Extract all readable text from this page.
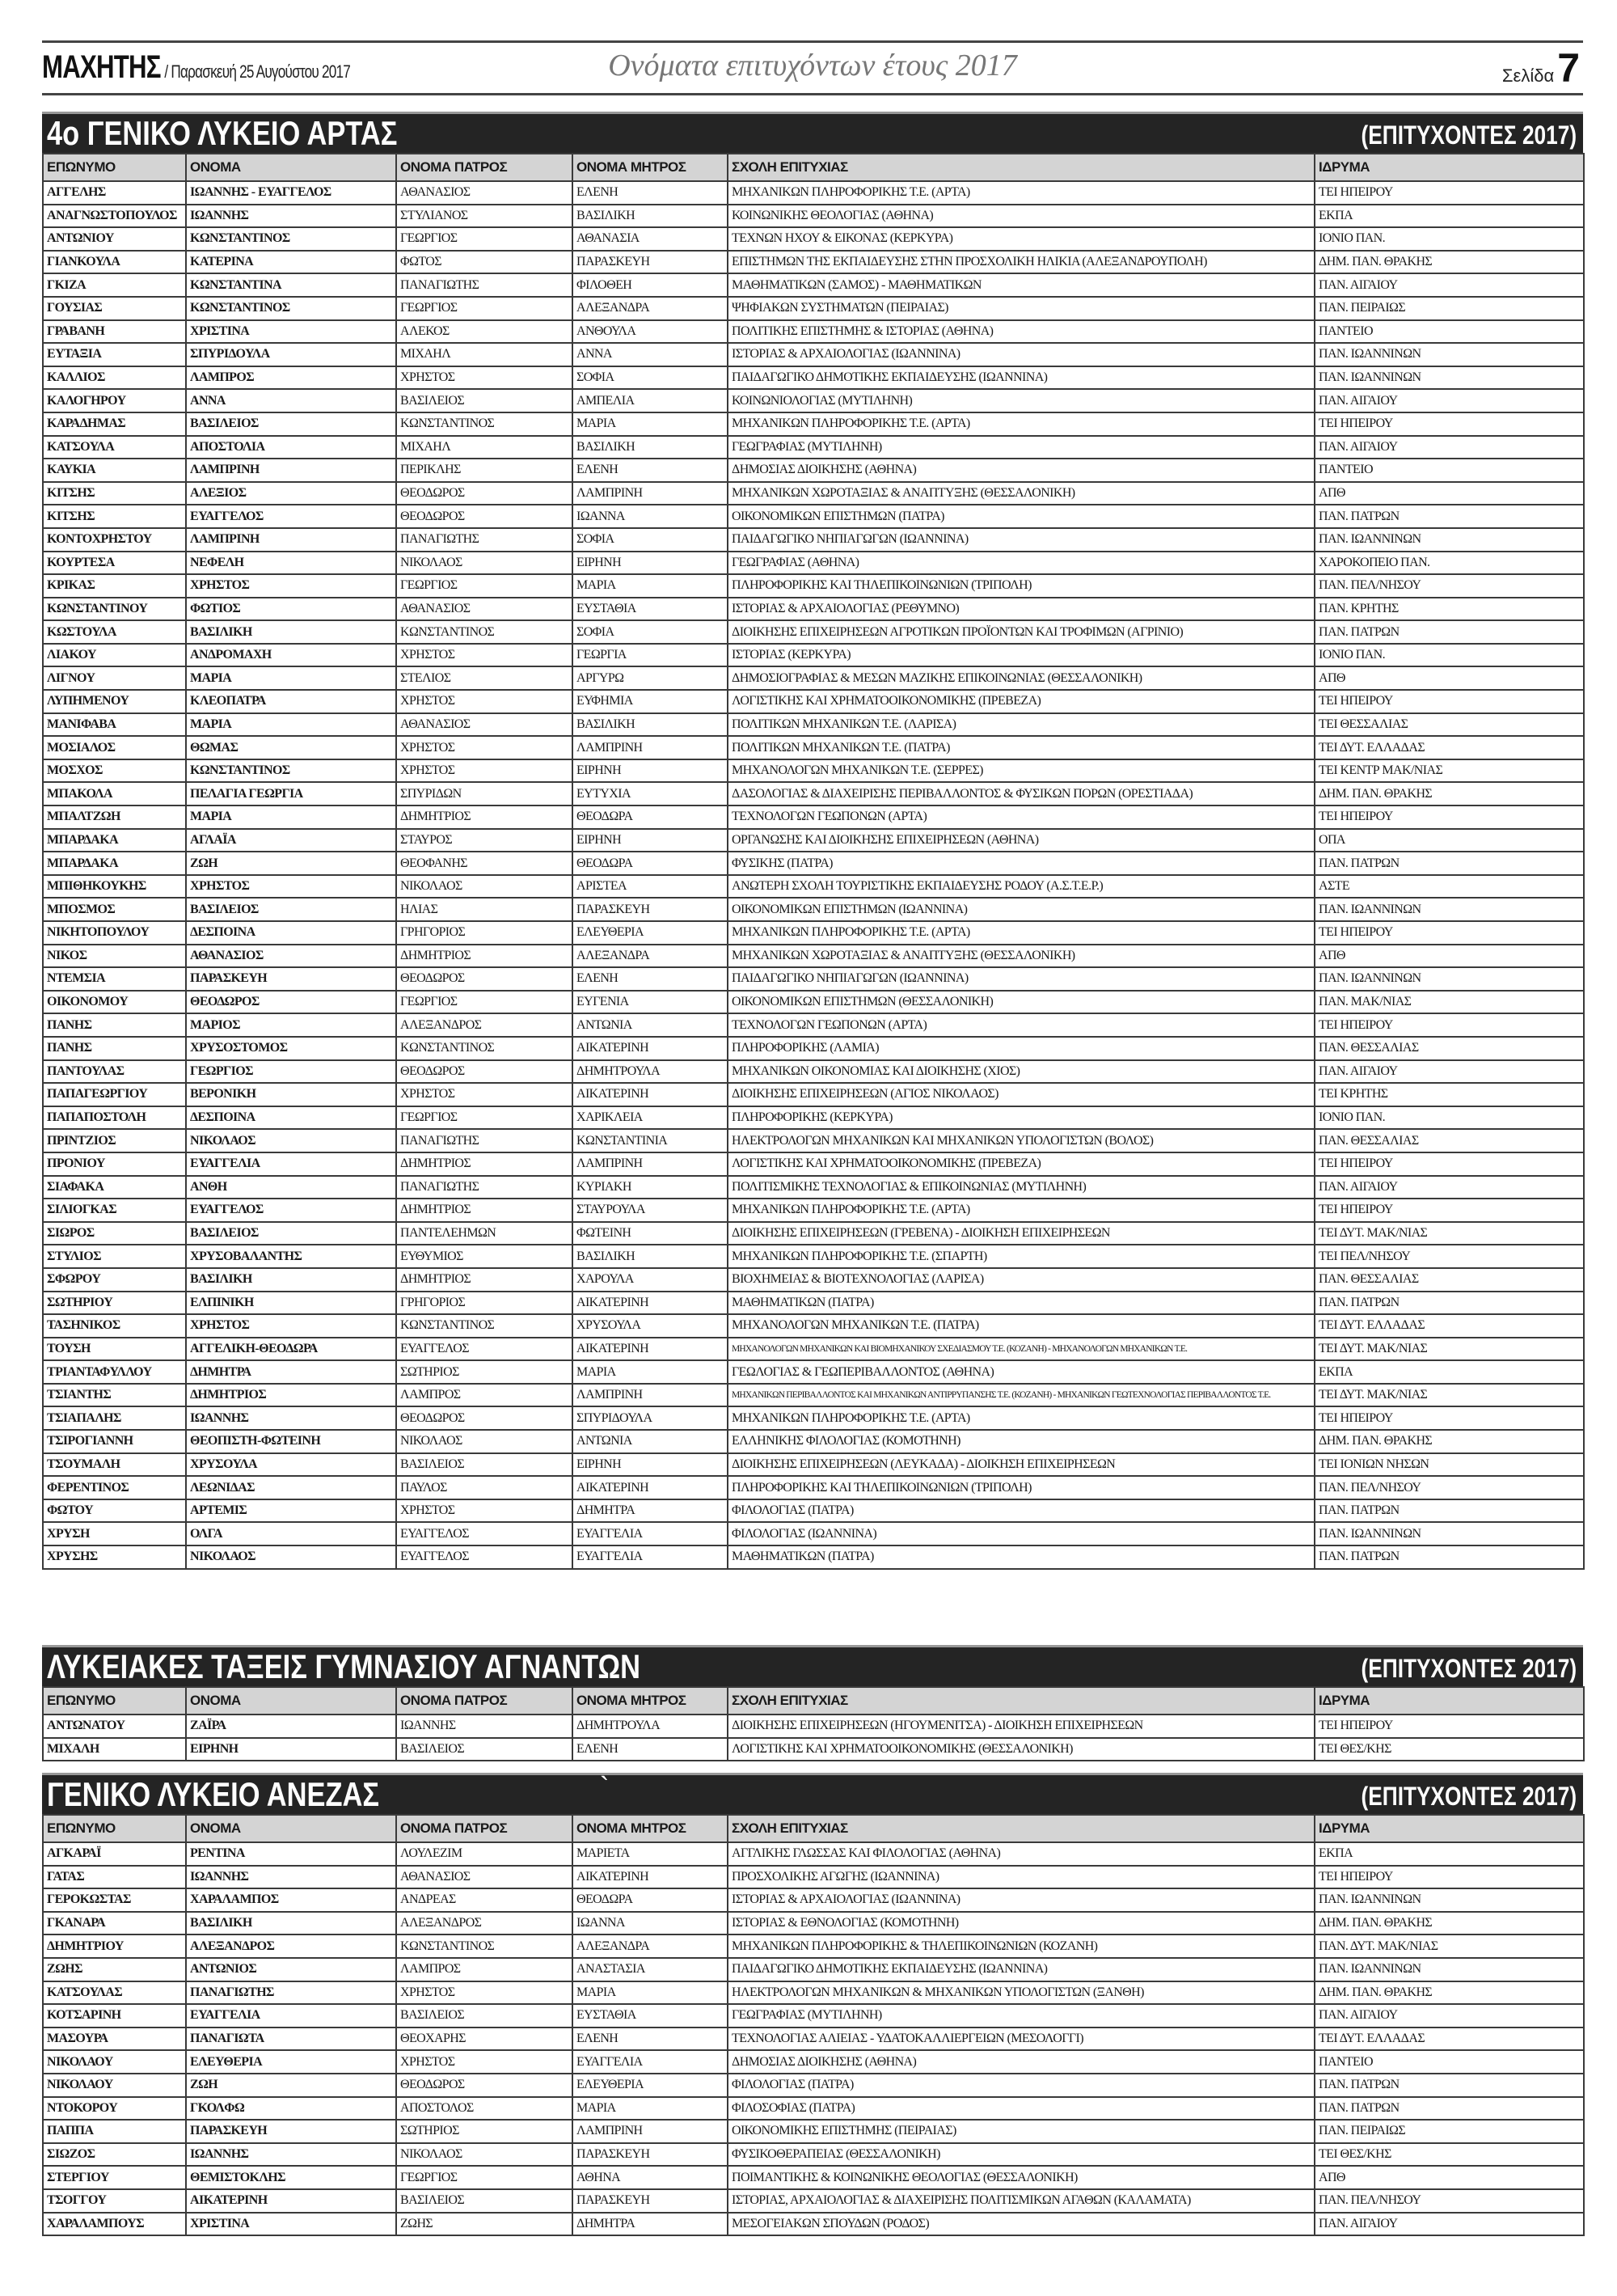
ΜΑΧΗΤΗΣ / Παρασκευή 25 Αυγούστου 2017	Ονόματα επιτυχόντων έτους 2017	Σελίδα7
4ο ΓΕΝΙΚΟ ΛΥΚΕΙΟ ΑΡΤΑΣ	(ΕΠΙΤΥΧΟΝΤΕΣ 2017)
ΕΠΩΝΥΜΟ	ΟΝΟΜΑ	ΟΝΟΜΑ ΠΑΤΡΟΣ	ΟΝΟΜΑ ΜΗΤΡΟΣ	ΣΧΟΛΗ ΕΠΙΤΥΧΙΑΣ	ΙΔΡΥΜΑ
ΑΓΓΕΛΗΣ	ΙΩΑΝΝΗΣ - ΕΥΑΓΓΕΛΟΣ	ΑΘΑΝΑΣΙΟΣ	ΕΛΕΝΗ	ΜΗΧΑΝΙΚΩΝ ΠΛΗΡΟΦΟΡΙΚΗΣ Τ.Ε. (ΑΡΤΑ)	ΤΕΙ ΗΠΕΙΡΟΥ
ΑΝΑΓΝΩΣΤΟΠΟΥΛΟΣ	ΙΩΑΝΝΗΣ	ΣΤΥΛΙΑΝΟΣ	ΒΑΣΙΛΙΚΗ	ΚΟΙΝΩΝΙΚΗΣ ΘΕΟΛΟΓΙΑΣ (ΑΘΗΝΑ)	ΕΚΠΑ
ΑΝΤΩΝΙΟΥ	ΚΩΝΣΤΑΝΤΙΝΟΣ	ΓΕΩΡΓΙΟΣ	ΑΘΑΝΑΣΙΑ	ΤΕΧΝΩΝ ΗΧΟΥ & ΕΙΚΟΝΑΣ (ΚΕΡΚΥΡΑ)	ΙΟΝΙΟ ΠΑΝ.
ΓΙΑΝΚΟΥΛΑ	ΚΑΤΕΡΙΝΑ	ΦΩΤΟΣ	ΠΑΡΑΣΚΕΥΗ	ΕΠΙΣΤΗΜΩΝ ΤΗΣ ΕΚΠΑΙΔΕΥΣΗΣ ΣΤΗΝ ΠΡΟΣΧΟΛΙΚΗ ΗΛΙΚΙΑ (ΑΛΕΞΑΝΔΡΟΥΠΟΛΗ)	ΔΗΜ. ΠΑΝ. ΘΡΑΚΗΣ
ΓΚΙΖΑ	ΚΩΝΣΤΑΝΤΙΝΑ	ΠΑΝΑΓΙΩΤΗΣ	ΦΙΛΟΘΕΗ	ΜΑΘΗΜΑΤΙΚΩΝ (ΣΑΜΟΣ) - ΜΑΘΗΜΑΤΙΚΩΝ	ΠΑΝ. ΑΙΓΑΙΟΥ
ΓΟΥΣΙΑΣ	ΚΩΝΣΤΑΝΤΙΝΟΣ	ΓΕΩΡΓΙΟΣ	ΑΛΕΞΑΝΔΡΑ	ΨΗΦΙΑΚΩΝ ΣΥΣΤΗΜΑΤΩΝ (ΠΕΙΡΑΙΑΣ)	ΠΑΝ. ΠΕΙΡΑΙΩΣ
ΓΡΑΒΑΝΗ	ΧΡΙΣΤΙΝΑ	ΑΛΕΚΟΣ	ΑΝΘΟΥΛΑ	ΠΟΛΙΤΙΚΗΣ ΕΠΙΣΤΗΜΗΣ & ΙΣΤΟΡΙΑΣ (ΑΘΗΝΑ)	ΠΑΝΤΕΙΟ
ΕΥΤΑΞΙΑ	ΣΠΥΡΙΔΟΥΛΑ	ΜΙΧΑΗΛ	ΑΝΝΑ	ΙΣΤΟΡΙΑΣ & ΑΡΧΑΙΟΛΟΓΙΑΣ (ΙΩΑΝΝΙΝΑ)	ΠΑΝ. ΙΩΑΝΝΙΝΩΝ
ΚΑΛΛΙΟΣ	ΛΑΜΠΡΟΣ	ΧΡΗΣΤΟΣ	ΣΟΦΙΑ	ΠΑΙΔΑΓΩΓΙΚΟ ΔΗΜΟΤΙΚΗΣ ΕΚΠΑΙΔΕΥΣΗΣ (ΙΩΑΝΝΙΝΑ)	ΠΑΝ. ΙΩΑΝΝΙΝΩΝ
ΚΑΛΟΓΗΡΟΥ	ΑΝΝΑ	ΒΑΣΙΛΕΙΟΣ	ΑΜΠΕΛΙΑ	ΚΟΙΝΩΝΙΟΛΟΓΙΑΣ (ΜΥΤΙΛΗΝΗ)	ΠΑΝ. ΑΙΓΑΙΟΥ
ΚΑΡΑΔΗΜΑΣ	ΒΑΣΙΛΕΙΟΣ	ΚΩΝΣΤΑΝΤΙΝΟΣ	ΜΑΡΙΑ	ΜΗΧΑΝΙΚΩΝ ΠΛΗΡΟΦΟΡΙΚΗΣ Τ.Ε. (ΑΡΤΑ)	ΤΕΙ ΗΠΕΙΡΟΥ
ΚΑΤΣΟΥΛΑ	ΑΠΟΣΤΟΛΙΑ	ΜΙΧΑΗΛ	ΒΑΣΙΛΙΚΗ	ΓΕΩΓΡΑΦΙΑΣ (ΜΥΤΙΛΗΝΗ)	ΠΑΝ. ΑΙΓΑΙΟΥ
ΚΑΥΚΙΑ	ΛΑΜΠΡΙΝΗ	ΠΕΡΙΚΛΗΣ	ΕΛΕΝΗ	ΔΗΜΟΣΙΑΣ ΔΙΟΙΚΗΣΗΣ (ΑΘΗΝΑ)	ΠΑΝΤΕΙΟ
ΚΙΤΣΗΣ	ΑΛΕΞΙΟΣ	ΘΕΟΔΩΡΟΣ	ΛΑΜΠΡΙΝΗ	ΜΗΧΑΝΙΚΩΝ ΧΩΡΟΤΑΞΙΑΣ & ΑΝΑΠΤΥΞΗΣ (ΘΕΣΣΑΛΟΝΙΚΗ)	ΑΠΘ
ΚΙΤΣΗΣ	ΕΥΑΓΓΕΛΟΣ	ΘΕΟΔΩΡΟΣ	ΙΩΑΝΝΑ	ΟΙΚΟΝΟΜΙΚΩΝ ΕΠΙΣΤΗΜΩΝ (ΠΑΤΡΑ)	ΠΑΝ. ΠΑΤΡΩΝ
ΚΟΝΤΟΧΡΗΣΤΟΥ	ΛΑΜΠΡΙΝΗ	ΠΑΝΑΓΙΩΤΗΣ	ΣΟΦΙΑ	ΠΑΙΔΑΓΩΓΙΚΟ ΝΗΠΙΑΓΩΓΩΝ (ΙΩΑΝΝΙΝΑ)	ΠΑΝ. ΙΩΑΝΝΙΝΩΝ
ΚΟΥΡΤΕΣΑ	ΝΕΦΕΛΗ	ΝΙΚΟΛΑΟΣ	ΕΙΡΗΝΗ	ΓΕΩΓΡΑΦΙΑΣ (ΑΘΗΝΑ)	ΧΑΡΟΚΟΠΕΙΟ ΠΑΝ.
ΚΡΙΚΑΣ	ΧΡΗΣΤΟΣ	ΓΕΩΡΓΙΟΣ	ΜΑΡΙΑ	ΠΛΗΡΟΦΟΡΙΚΗΣ ΚΑΙ ΤΗΛΕΠΙΚΟΙΝΩΝΙΩΝ (ΤΡΙΠΟΛΗ)	ΠΑΝ. ΠΕΛ/ΝΗΣΟΥ
ΚΩΝΣΤΑΝΤΙΝΟΥ	ΦΩΤΙΟΣ	ΑΘΑΝΑΣΙΟΣ	ΕΥΣΤΑΘΙΑ	ΙΣΤΟΡΙΑΣ & ΑΡΧΑΙΟΛΟΓΙΑΣ (ΡΕΘΥΜΝΟ)	ΠΑΝ. ΚΡΗΤΗΣ
ΚΩΣΤΟΥΛΑ	ΒΑΣΙΛΙΚΗ	ΚΩΝΣΤΑΝΤΙΝΟΣ	ΣΟΦΙΑ	ΔΙΟΙΚΗΣΗΣ ΕΠΙΧΕΙΡΗΣΕΩΝ ΑΓΡΟΤΙΚΩΝ ΠΡΟΪΟΝΤΩΝ ΚΑΙ ΤΡΟΦΙΜΩΝ (ΑΓΡΙΝΙΟ)	ΠΑΝ. ΠΑΤΡΩΝ
ΛΙΑΚΟΥ	ΑΝΔΡΟΜΑΧΗ	ΧΡΗΣΤΟΣ	ΓΕΩΡΓΙΑ	ΙΣΤΟΡΙΑΣ (ΚΕΡΚΥΡΑ)	ΙΟΝΙΟ ΠΑΝ.
ΛΙΓΝΟΥ	ΜΑΡΙΑ	ΣΤΕΛΙΟΣ	ΑΡΓΥΡΩ	ΔΗΜΟΣΙΟΓΡΑΦΙΑΣ & ΜΕΣΩΝ ΜΑΖΙΚΗΣ ΕΠΙΚΟΙΝΩΝΙΑΣ (ΘΕΣΣΑΛΟΝΙΚΗ)	ΑΠΘ
ΛΥΠΗΜΕΝΟΥ	ΚΛΕΟΠΑΤΡΑ	ΧΡΗΣΤΟΣ	ΕΥΦΗΜΙΑ	ΛΟΓΙΣΤΙΚΗΣ ΚΑΙ ΧΡΗΜΑΤΟΟΙΚΟΝΟΜΙΚΗΣ (ΠΡΕΒΕΖΑ)	ΤΕΙ ΗΠΕΙΡΟΥ
ΜΑΝΙΦΑΒΑ	ΜΑΡΙΑ	ΑΘΑΝΑΣΙΟΣ	ΒΑΣΙΛΙΚΗ	ΠΟΛΙΤΙΚΩΝ ΜΗΧΑΝΙΚΩΝ Τ.Ε. (ΛΑΡΙΣΑ)	ΤΕΙ ΘΕΣΣΑΛΙΑΣ
ΜΟΣΙΑΛΟΣ	ΘΩΜΑΣ	ΧΡΗΣΤΟΣ	ΛΑΜΠΡΙΝΗ	ΠΟΛΙΤΙΚΩΝ ΜΗΧΑΝΙΚΩΝ Τ.Ε. (ΠΑΤΡΑ)	ΤΕΙ ΔΥΤ. ΕΛΛΑΔΑΣ
ΜΟΣΧΟΣ	ΚΩΝΣΤΑΝΤΙΝΟΣ	ΧΡΗΣΤΟΣ	ΕΙΡΗΝΗ	ΜΗΧΑΝΟΛΟΓΩΝ ΜΗΧΑΝΙΚΩΝ Τ.Ε. (ΣΕΡΡΕΣ)	ΤΕΙ ΚΕΝΤΡ ΜΑΚ/ΝΙΑΣ
ΜΠΑΚΟΛΑ	ΠΕΛΑΓΙΑ ΓΕΩΡΓΙΑ	ΣΠΥΡΙΔΩΝ	ΕΥΤΥΧΙΑ	ΔΑΣΟΛΟΓΙΑΣ & ΔΙΑΧΕΙΡΙΣΗΣ ΠΕΡΙΒΑΛΛΟΝΤΟΣ & ΦΥΣΙΚΩΝ ΠΟΡΩΝ (ΟΡΕΣΤΙΑΔΑ)	ΔΗΜ. ΠΑΝ. ΘΡΑΚΗΣ
ΜΠΑΛΤΖΩΗ	ΜΑΡΙΑ	ΔΗΜΗΤΡΙΟΣ	ΘΕΟΔΩΡΑ	ΤΕΧΝΟΛΟΓΩΝ ΓΕΩΠΟΝΩΝ (ΑΡΤΑ)	ΤΕΙ ΗΠΕΙΡΟΥ
ΜΠΑΡΔΑΚΑ	ΑΓΛΑΪΑ	ΣΤΑΥΡΟΣ	ΕΙΡΗΝΗ	ΟΡΓΑΝΩΣΗΣ ΚΑΙ ΔΙΟΙΚΗΣΗΣ ΕΠΙΧΕΙΡΗΣΕΩΝ (ΑΘΗΝΑ)	ΟΠΑ
ΜΠΑΡΔΑΚΑ	ΖΩΗ	ΘΕΟΦΑΝΗΣ	ΘΕΟΔΩΡΑ	ΦΥΣΙΚΗΣ (ΠΑΤΡΑ)	ΠΑΝ. ΠΑΤΡΩΝ
ΜΠΙΘΗΚΟΥΚΗΣ	ΧΡΗΣΤΟΣ	ΝΙΚΟΛΑΟΣ	ΑΡΙΣΤΕΑ	ΑΝΩΤΕΡΗ ΣΧΟΛΗ ΤΟΥΡΙΣΤΙΚΗΣ ΕΚΠΑΙΔΕΥΣΗΣ ΡΟΔΟΥ (Α.Σ.Τ.Ε.Ρ.)	ΑΣΤΕ
ΜΠΟΣΜΟΣ	ΒΑΣΙΛΕΙΟΣ	ΗΛΙΑΣ	ΠΑΡΑΣΚΕΥΗ	ΟΙΚΟΝΟΜΙΚΩΝ ΕΠΙΣΤΗΜΩΝ (ΙΩΑΝΝΙΝΑ)	ΠΑΝ. ΙΩΑΝΝΙΝΩΝ
ΝΙΚΗΤΟΠΟΥΛΟΥ	ΔΕΣΠΟΙΝΑ	ΓΡΗΓΟΡΙΟΣ	ΕΛΕΥΘΕΡΙΑ	ΜΗΧΑΝΙΚΩΝ ΠΛΗΡΟΦΟΡΙΚΗΣ Τ.Ε. (ΑΡΤΑ)	ΤΕΙ ΗΠΕΙΡΟΥ
ΝΙΚΟΣ	ΑΘΑΝΑΣΙΟΣ	ΔΗΜΗΤΡΙΟΣ	ΑΛΕΞΑΝΔΡΑ	ΜΗΧΑΝΙΚΩΝ ΧΩΡΟΤΑΞΙΑΣ & ΑΝΑΠΤΥΞΗΣ (ΘΕΣΣΑΛΟΝΙΚΗ)	ΑΠΘ
ΝΤΕΜΣΙΑ	ΠΑΡΑΣΚΕΥΗ	ΘΕΟΔΩΡΟΣ	ΕΛΕΝΗ	ΠΑΙΔΑΓΩΓΙΚΟ ΝΗΠΙΑΓΩΓΩΝ (ΙΩΑΝΝΙΝΑ)	ΠΑΝ. ΙΩΑΝΝΙΝΩΝ
ΟΙΚΟΝΟΜΟΥ	ΘΕΟΔΩΡΟΣ	ΓΕΩΡΓΙΟΣ	ΕΥΓΕΝΙΑ	ΟΙΚΟΝΟΜΙΚΩΝ ΕΠΙΣΤΗΜΩΝ (ΘΕΣΣΑΛΟΝΙΚΗ)	ΠΑΝ. ΜΑΚ/ΝΙΑΣ
ΠΑΝΗΣ	ΜΑΡΙΟΣ	ΑΛΕΞΑΝΔΡΟΣ	ΑΝΤΩΝΙΑ	ΤΕΧΝΟΛΟΓΩΝ ΓΕΩΠΟΝΩΝ (ΑΡΤΑ)	ΤΕΙ ΗΠΕΙΡΟΥ
ΠΑΝΗΣ	ΧΡΥΣΟΣΤΟΜΟΣ	ΚΩΝΣΤΑΝΤΙΝΟΣ	ΑΙΚΑΤΕΡΙΝΗ	ΠΛΗΡΟΦΟΡΙΚΗΣ (ΛΑΜΙΑ)	ΠΑΝ. ΘΕΣΣΑΛΙΑΣ
ΠΑΝΤΟΥΛΑΣ	ΓΕΩΡΓΙΟΣ	ΘΕΟΔΩΡΟΣ	ΔΗΜΗΤΡΟΥΛΑ	ΜΗΧΑΝΙΚΩΝ ΟΙΚΟΝΟΜΙΑΣ ΚΑΙ ΔΙΟΙΚΗΣΗΣ (ΧΙΟΣ)	ΠΑΝ. ΑΙΓΑΙΟΥ
ΠΑΠΑΓΕΩΡΓΙΟΥ	ΒΕΡΟΝΙΚΗ	ΧΡΗΣΤΟΣ	ΑΙΚΑΤΕΡΙΝΗ	ΔΙΟΙΚΗΣΗΣ ΕΠΙΧΕΙΡΗΣΕΩΝ (ΑΓΙΟΣ ΝΙΚΟΛΑΟΣ)	ΤΕΙ ΚΡΗΤΗΣ
ΠΑΠΑΠΟΣΤΟΛΗ	ΔΕΣΠΟΙΝΑ	ΓΕΩΡΓΙΟΣ	ΧΑΡΙΚΛΕΙΑ	ΠΛΗΡΟΦΟΡΙΚΗΣ (ΚΕΡΚΥΡΑ)	ΙΟΝΙΟ ΠΑΝ.
ΠΡΙΝΤΖΙΟΣ	ΝΙΚΟΛΑΟΣ	ΠΑΝΑΓΙΩΤΗΣ	ΚΩΝΣΤΑΝΤΙΝΙΑ	ΗΛΕΚΤΡΟΛΟΓΩΝ ΜΗΧΑΝΙΚΩΝ ΚΑΙ ΜΗΧΑΝΙΚΩΝ ΥΠΟΛΟΓΙΣΤΩΝ (ΒΟΛΟΣ)	ΠΑΝ. ΘΕΣΣΑΛΙΑΣ
ΠΡΟΝΙΟΥ	ΕΥΑΓΓΕΛΙΑ	ΔΗΜΗΤΡΙΟΣ	ΛΑΜΠΡΙΝΗ	ΛΟΓΙΣΤΙΚΗΣ ΚΑΙ ΧΡΗΜΑΤΟΟΙΚΟΝΟΜΙΚΗΣ (ΠΡΕΒΕΖΑ)	ΤΕΙ ΗΠΕΙΡΟΥ
ΣΙΑΦΑΚΑ	ΑΝΘΗ	ΠΑΝΑΓΙΩΤΗΣ	ΚΥΡΙΑΚΗ	ΠΟΛΙΤΙΣΜΙΚΗΣ ΤΕΧΝΟΛΟΓΙΑΣ & ΕΠΙΚΟΙΝΩΝΙΑΣ (ΜΥΤΙΛΗΝΗ)	ΠΑΝ. ΑΙΓΑΙΟΥ
ΣΙΛΙΟΓΚΑΣ	ΕΥΑΓΓΕΛΟΣ	ΔΗΜΗΤΡΙΟΣ	ΣΤΑΥΡΟΥΛΑ	ΜΗΧΑΝΙΚΩΝ ΠΛΗΡΟΦΟΡΙΚΗΣ Τ.Ε. (ΑΡΤΑ)	ΤΕΙ ΗΠΕΙΡΟΥ
ΣΙΩΡΟΣ	ΒΑΣΙΛΕΙΟΣ	ΠΑΝΤΕΛΕΗΜΩΝ	ΦΩΤΕΙΝΗ	ΔΙΟΙΚΗΣΗΣ ΕΠΙΧΕΙΡΗΣΕΩΝ (ΓΡΕΒΕΝΑ) - ΔΙΟΙΚΗΣΗ ΕΠΙΧΕΙΡΗΣΕΩΝ	ΤΕΙ ΔΥΤ. ΜΑΚ/ΝΙΑΣ
ΣΤΥΛΙΟΣ	ΧΡΥΣΟΒΑΛΑΝΤΗΣ	ΕΥΘΥΜΙΟΣ	ΒΑΣΙΛΙΚΗ	ΜΗΧΑΝΙΚΩΝ ΠΛΗΡΟΦΟΡΙΚΗΣ Τ.Ε. (ΣΠΑΡΤΗ)	ΤΕΙ ΠΕΛ/ΝΗΣΟΥ
ΣΦΩΡΟΥ	ΒΑΣΙΛΙΚΗ	ΔΗΜΗΤΡΙΟΣ	ΧΑΡΟΥΛΑ	ΒΙΟΧΗΜΕΙΑΣ & ΒΙΟΤΕΧΝΟΛΟΓΙΑΣ (ΛΑΡΙΣΑ)	ΠΑΝ. ΘΕΣΣΑΛΙΑΣ
ΣΩΤΗΡΙΟΥ	ΕΛΠΙΝΙΚΗ	ΓΡΗΓΟΡΙΟΣ	ΑΙΚΑΤΕΡΙΝΗ	ΜΑΘΗΜΑΤΙΚΩΝ (ΠΑΤΡΑ)	ΠΑΝ. ΠΑΤΡΩΝ
ΤΑΣΗΝΙΚΟΣ	ΧΡΗΣΤΟΣ	ΚΩΝΣΤΑΝΤΙΝΟΣ	ΧΡΥΣΟΥΛΑ	ΜΗΧΑΝΟΛΟΓΩΝ ΜΗΧΑΝΙΚΩΝ Τ.Ε. (ΠΑΤΡΑ)	ΤΕΙ ΔΥΤ. ΕΛΛΑΔΑΣ
ΤΟΥΣΗ	ΑΓΓΕΛΙΚΗ-ΘΕΟΔΩΡΑ	ΕΥΑΓΓΕΛΟΣ	ΑΙΚΑΤΕΡΙΝΗ	ΜΗΧΑΝΟΛΟΓΩΝ ΜΗΧΑΝΙΚΩΝ ΚΑΙ ΒΙΟΜΗΧΑΝΙΚΟΥ ΣΧΕΔΙΑΣΜΟΥ Τ.Ε. (ΚΟΖΑΝΗ) - ΜΗΧΑΝΟΛΟΓΩΝ ΜΗΧΑΝΙΚΩΝ Τ.Ε.	ΤΕΙ ΔΥΤ. ΜΑΚ/ΝΙΑΣ
ΤΡΙΑΝΤΑΦΥΛΛΟΥ	ΔΗΜΗΤΡΑ	ΣΩΤΗΡΙΟΣ	ΜΑΡΙΑ	ΓΕΩΛΟΓΙΑΣ & ΓΕΩΠΕΡΙΒΑΛΛΟΝΤΟΣ (ΑΘΗΝΑ)	ΕΚΠΑ
ΤΣΙΑΝΤΗΣ	ΔΗΜΗΤΡΙΟΣ	ΛΑΜΠΡΟΣ	ΛΑΜΠΡΙΝΗ	ΜΗΧΑΝΙΚΩΝ ΠΕΡΙΒΑΛΛΟΝΤΟΣ ΚΑΙ ΜΗΧΑΝΙΚΩΝ ΑΝΤΙΡΡΥΠΑΝΣΗΣ Τ.Ε. (ΚΟΖΑΝΗ) - ΜΗΧΑΝΙΚΩΝ ΓΕΩΤΕΧΝΟΛΟΓΙΑΣ ΠΕΡΙΒΑΛΛΟΝΤΟΣ Τ.Ε.	ΤΕΙ ΔΥΤ. ΜΑΚ/ΝΙΑΣ
ΤΣΙΑΠΑΛΗΣ	ΙΩΑΝΝΗΣ	ΘΕΟΔΩΡΟΣ	ΣΠΥΡΙΔΟΥΛΑ	ΜΗΧΑΝΙΚΩΝ ΠΛΗΡΟΦΟΡΙΚΗΣ Τ.Ε. (ΑΡΤΑ)	ΤΕΙ ΗΠΕΙΡΟΥ
ΤΣΙΡΟΓΙΑΝΝΗ	ΘΕΟΠΙΣΤΗ-ΦΩΤΕΙΝΗ	ΝΙΚΟΛΑΟΣ	ΑΝΤΩΝΙΑ	ΕΛΛΗΝΙΚΗΣ ΦΙΛΟΛΟΓΙΑΣ (ΚΟΜΟΤΗΝΗ)	ΔΗΜ. ΠΑΝ. ΘΡΑΚΗΣ
ΤΣΟΥΜΑΛΗ	ΧΡΥΣΟΥΛΑ	ΒΑΣΙΛΕΙΟΣ	ΕΙΡΗΝΗ	ΔΙΟΙΚΗΣΗΣ ΕΠΙΧΕΙΡΗΣΕΩΝ (ΛΕΥΚΑΔΑ) - ΔΙΟΙΚΗΣΗ ΕΠΙΧΕΙΡΗΣΕΩΝ	ΤΕΙ ΙΟΝΙΩΝ ΝΗΣΩΝ
ΦΕΡΕΝΤΙΝΟΣ	ΛΕΩΝΙΔΑΣ	ΠΑΥΛΟΣ	ΑΙΚΑΤΕΡΙΝΗ	ΠΛΗΡΟΦΟΡΙΚΗΣ ΚΑΙ ΤΗΛΕΠΙΚΟΙΝΩΝΙΩΝ (ΤΡΙΠΟΛΗ)	ΠΑΝ. ΠΕΛ/ΝΗΣΟΥ
ΦΩΤΟΥ	ΑΡΤΕΜΙΣ	ΧΡΗΣΤΟΣ	ΔΗΜΗΤΡΑ	ΦΙΛΟΛΟΓΙΑΣ (ΠΑΤΡΑ)	ΠΑΝ. ΠΑΤΡΩΝ
ΧΡΥΣΗ	ΟΛΓΑ	ΕΥΑΓΓΕΛΟΣ	ΕΥΑΓΓΕΛΙΑ	ΦΙΛΟΛΟΓΙΑΣ (ΙΩΑΝΝΙΝΑ)	ΠΑΝ. ΙΩΑΝΝΙΝΩΝ
ΧΡΥΣΗΣ	ΝΙΚΟΛΑΟΣ	ΕΥΑΓΓΕΛΟΣ	ΕΥΑΓΓΕΛΙΑ	ΜΑΘΗΜΑΤΙΚΩΝ (ΠΑΤΡΑ)	ΠΑΝ. ΠΑΤΡΩΝ
ΛΥΚΕΙΑΚΕΣ ΤΑΞΕΙΣ ΓΥΜΝΑΣΙΟΥ ΑΓΝΑΝΤΩΝ	(ΕΠΙΤΥΧΟΝΤΕΣ 2017)
ΕΠΩΝΥΜΟ	ΟΝΟΜΑ	ΟΝΟΜΑ ΠΑΤΡΟΣ	ΟΝΟΜΑ ΜΗΤΡΟΣ	ΣΧΟΛΗ ΕΠΙΤΥΧΙΑΣ	ΙΔΡΥΜΑ
ΑΝΤΩΝΑΤΟΥ	ΖΑΪΡΑ	ΙΩΑΝΝΗΣ	ΔΗΜΗΤΡΟΥΛΑ	ΔΙΟΙΚΗΣΗΣ ΕΠΙΧΕΙΡΗΣΕΩΝ (ΗΓΟΥΜΕΝΙΤΣΑ) - ΔΙΟΙΚΗΣΗ ΕΠΙΧΕΙΡΗΣΕΩΝ	ΤΕΙ ΗΠΕΙΡΟΥ
ΜΙΧΑΛΗ	ΕΙΡΗΝΗ	ΒΑΣΙΛΕΙΟΣ	ΕΛΕΝΗ	ΛΟΓΙΣΤΙΚΗΣ ΚΑΙ ΧΡΗΜΑΤΟΟΙΚΟΝΟΜΙΚΗΣ (ΘΕΣΣΑΛΟΝΙΚΗ)	ΤΕΙ ΘΕΣ/ΚΗΣ
ΓΕΝΙΚΟ ΛΥΚΕΙΟ ΑΝΕΖΑΣ	`	(ΕΠΙΤΥΧΟΝΤΕΣ 2017)
ΕΠΩΝΥΜΟ	ΟΝΟΜΑ	ΟΝΟΜΑ ΠΑΤΡΟΣ	ΟΝΟΜΑ ΜΗΤΡΟΣ	ΣΧΟΛΗ ΕΠΙΤΥΧΙΑΣ	ΙΔΡΥΜΑ
ΑΓΚΑΡΑΪ	ΡΕΝΤΙΝΑ	ΛΟΥΛΕΖΙΜ	ΜΑΡΙΕΤΑ	ΑΓΓΛΙΚΗΣ ΓΛΩΣΣΑΣ ΚΑΙ ΦΙΛΟΛΟΓΙΑΣ (ΑΘΗΝΑ)	ΕΚΠΑ
ΓΑΤΑΣ	ΙΩΑΝΝΗΣ	ΑΘΑΝΑΣΙΟΣ	ΑΙΚΑΤΕΡΙΝΗ	ΠΡΟΣΧΟΛΙΚΗΣ ΑΓΩΓΗΣ (ΙΩΑΝΝΙΝΑ)	ΤΕΙ ΗΠΕΙΡΟΥ
ΓΕΡΟΚΩΣΤΑΣ	ΧΑΡΑΛΑΜΠΟΣ	ΑΝΔΡΕΑΣ	ΘΕΟΔΩΡΑ	ΙΣΤΟΡΙΑΣ & ΑΡΧΑΙΟΛΟΓΙΑΣ (ΙΩΑΝΝΙΝΑ)	ΠΑΝ. ΙΩΑΝΝΙΝΩΝ
ΓΚΑΝΑΡΑ	ΒΑΣΙΛΙΚΗ	ΑΛΕΞΑΝΔΡΟΣ	ΙΩΑΝΝΑ	ΙΣΤΟΡΙΑΣ & ΕΘΝΟΛΟΓΙΑΣ (ΚΟΜΟΤΗΝΗ)	ΔΗΜ. ΠΑΝ. ΘΡΑΚΗΣ
ΔΗΜΗΤΡΙΟΥ	ΑΛΕΞΑΝΔΡΟΣ	ΚΩΝΣΤΑΝΤΙΝΟΣ	ΑΛΕΞΑΝΔΡΑ	ΜΗΧΑΝΙΚΩΝ ΠΛΗΡΟΦΟΡΙΚΗΣ & ΤΗΛΕΠΙΚΟΙΝΩΝΙΩΝ (ΚΟΖΑΝΗ)	ΠΑΝ. ΔΥΤ. ΜΑΚ/ΝΙΑΣ
ΖΩΗΣ	ΑΝΤΩΝΙΟΣ	ΛΑΜΠΡΟΣ	ΑΝΑΣΤΑΣΙΑ	ΠΑΙΔΑΓΩΓΙΚΟ ΔΗΜΟΤΙΚΗΣ ΕΚΠΑΙΔΕΥΣΗΣ (ΙΩΑΝΝΙΝΑ)	ΠΑΝ. ΙΩΑΝΝΙΝΩΝ
ΚΑΤΣΟΥΛΑΣ	ΠΑΝΑΓΙΩΤΗΣ	ΧΡΗΣΤΟΣ	ΜΑΡΙΑ	ΗΛΕΚΤΡΟΛΟΓΩΝ ΜΗΧΑΝΙΚΩΝ & ΜΗΧΑΝΙΚΩΝ ΥΠΟΛΟΓΙΣΤΩΝ (ΞΑΝΘΗ)	ΔΗΜ. ΠΑΝ. ΘΡΑΚΗΣ
ΚΟΤΣΑΡΙΝΗ	ΕΥΑΓΓΕΛΙΑ	ΒΑΣΙΛΕΙΟΣ	ΕΥΣΤΑΘΙΑ	ΓΕΩΓΡΑΦΙΑΣ (ΜΥΤΙΛΗΝΗ)	ΠΑΝ. ΑΙΓΑΙΟΥ
ΜΑΣΟΥΡΑ	ΠΑΝΑΓΙΩΤΑ	ΘΕΟΧΑΡΗΣ	ΕΛΕΝΗ	ΤΕΧΝΟΛΟΓΙΑΣ ΑΛΙΕΙΑΣ - ΥΔΑΤΟΚΑΛΛΙΕΡΓΕΙΩΝ (ΜΕΣΟΛΟΓΓΙ)	ΤΕΙ ΔΥΤ. ΕΛΛΑΔΑΣ
ΝΙΚΟΛΑΟΥ	ΕΛΕΥΘΕΡΙΑ	ΧΡΗΣΤΟΣ	ΕΥΑΓΓΕΛΙΑ	ΔΗΜΟΣΙΑΣ ΔΙΟΙΚΗΣΗΣ (ΑΘΗΝΑ)	ΠΑΝΤΕΙΟ
ΝΙΚΟΛΑΟΥ	ΖΩΗ	ΘΕΟΔΩΡΟΣ	ΕΛΕΥΘΕΡΙΑ	ΦΙΛΟΛΟΓΙΑΣ (ΠΑΤΡΑ)	ΠΑΝ. ΠΑΤΡΩΝ
ΝΤΟΚΟΡΟΥ	ΓΚΟΛΦΩ	ΑΠΟΣΤΟΛΟΣ	ΜΑΡΙΑ	ΦΙΛΟΣΟΦΙΑΣ (ΠΑΤΡΑ)	ΠΑΝ. ΠΑΤΡΩΝ
ΠΑΠΠΑ	ΠΑΡΑΣΚΕΥΗ	ΣΩΤΗΡΙΟΣ	ΛΑΜΠΡΙΝΗ	ΟΙΚΟΝΟΜΙΚΗΣ ΕΠΙΣΤΗΜΗΣ (ΠΕΙΡΑΙΑΣ)	ΠΑΝ. ΠΕΙΡΑΙΩΣ
ΣΙΩΖΟΣ	ΙΩΑΝΝΗΣ	ΝΙΚΟΛΑΟΣ	ΠΑΡΑΣΚΕΥΗ	ΦΥΣΙΚΟΘΕΡΑΠΕΙΑΣ (ΘΕΣΣΑΛΟΝΙΚΗ)	ΤΕΙ ΘΕΣ/ΚΗΣ
ΣΤΕΡΓΙΟΥ	ΘΕΜΙΣΤΟΚΛΗΣ	ΓΕΩΡΓΙΟΣ	ΑΘΗΝΑ	ΠΟΙΜΑΝΤΙΚΗΣ & ΚΟΙΝΩΝΙΚΗΣ ΘΕΟΛΟΓΙΑΣ (ΘΕΣΣΑΛΟΝΙΚΗ)	ΑΠΘ
ΤΣΟΓΓΟΥ	ΑΙΚΑΤΕΡΙΝΗ	ΒΑΣΙΛΕΙΟΣ	ΠΑΡΑΣΚΕΥΗ	ΙΣΤΟΡΙΑΣ, ΑΡΧΑΙΟΛΟΓΙΑΣ & ΔΙΑΧΕΙΡΙΣΗΣ ΠΟΛΙΤΙΣΜΙΚΩΝ ΑΓΑΘΩΝ (ΚΑΛΑΜΑΤΑ)	ΠΑΝ. ΠΕΛ/ΝΗΣΟΥ
ΧΑΡΑΛΑΜΠΟΥΣ	ΧΡΙΣΤΙΝΑ	ΖΩΗΣ	ΔΗΜΗΤΡΑ	ΜΕΣΟΓΕΙΑΚΩΝ ΣΠΟΥΔΩΝ (ΡΟΔΟΣ)	ΠΑΝ. ΑΙΓΑΙΟΥ
